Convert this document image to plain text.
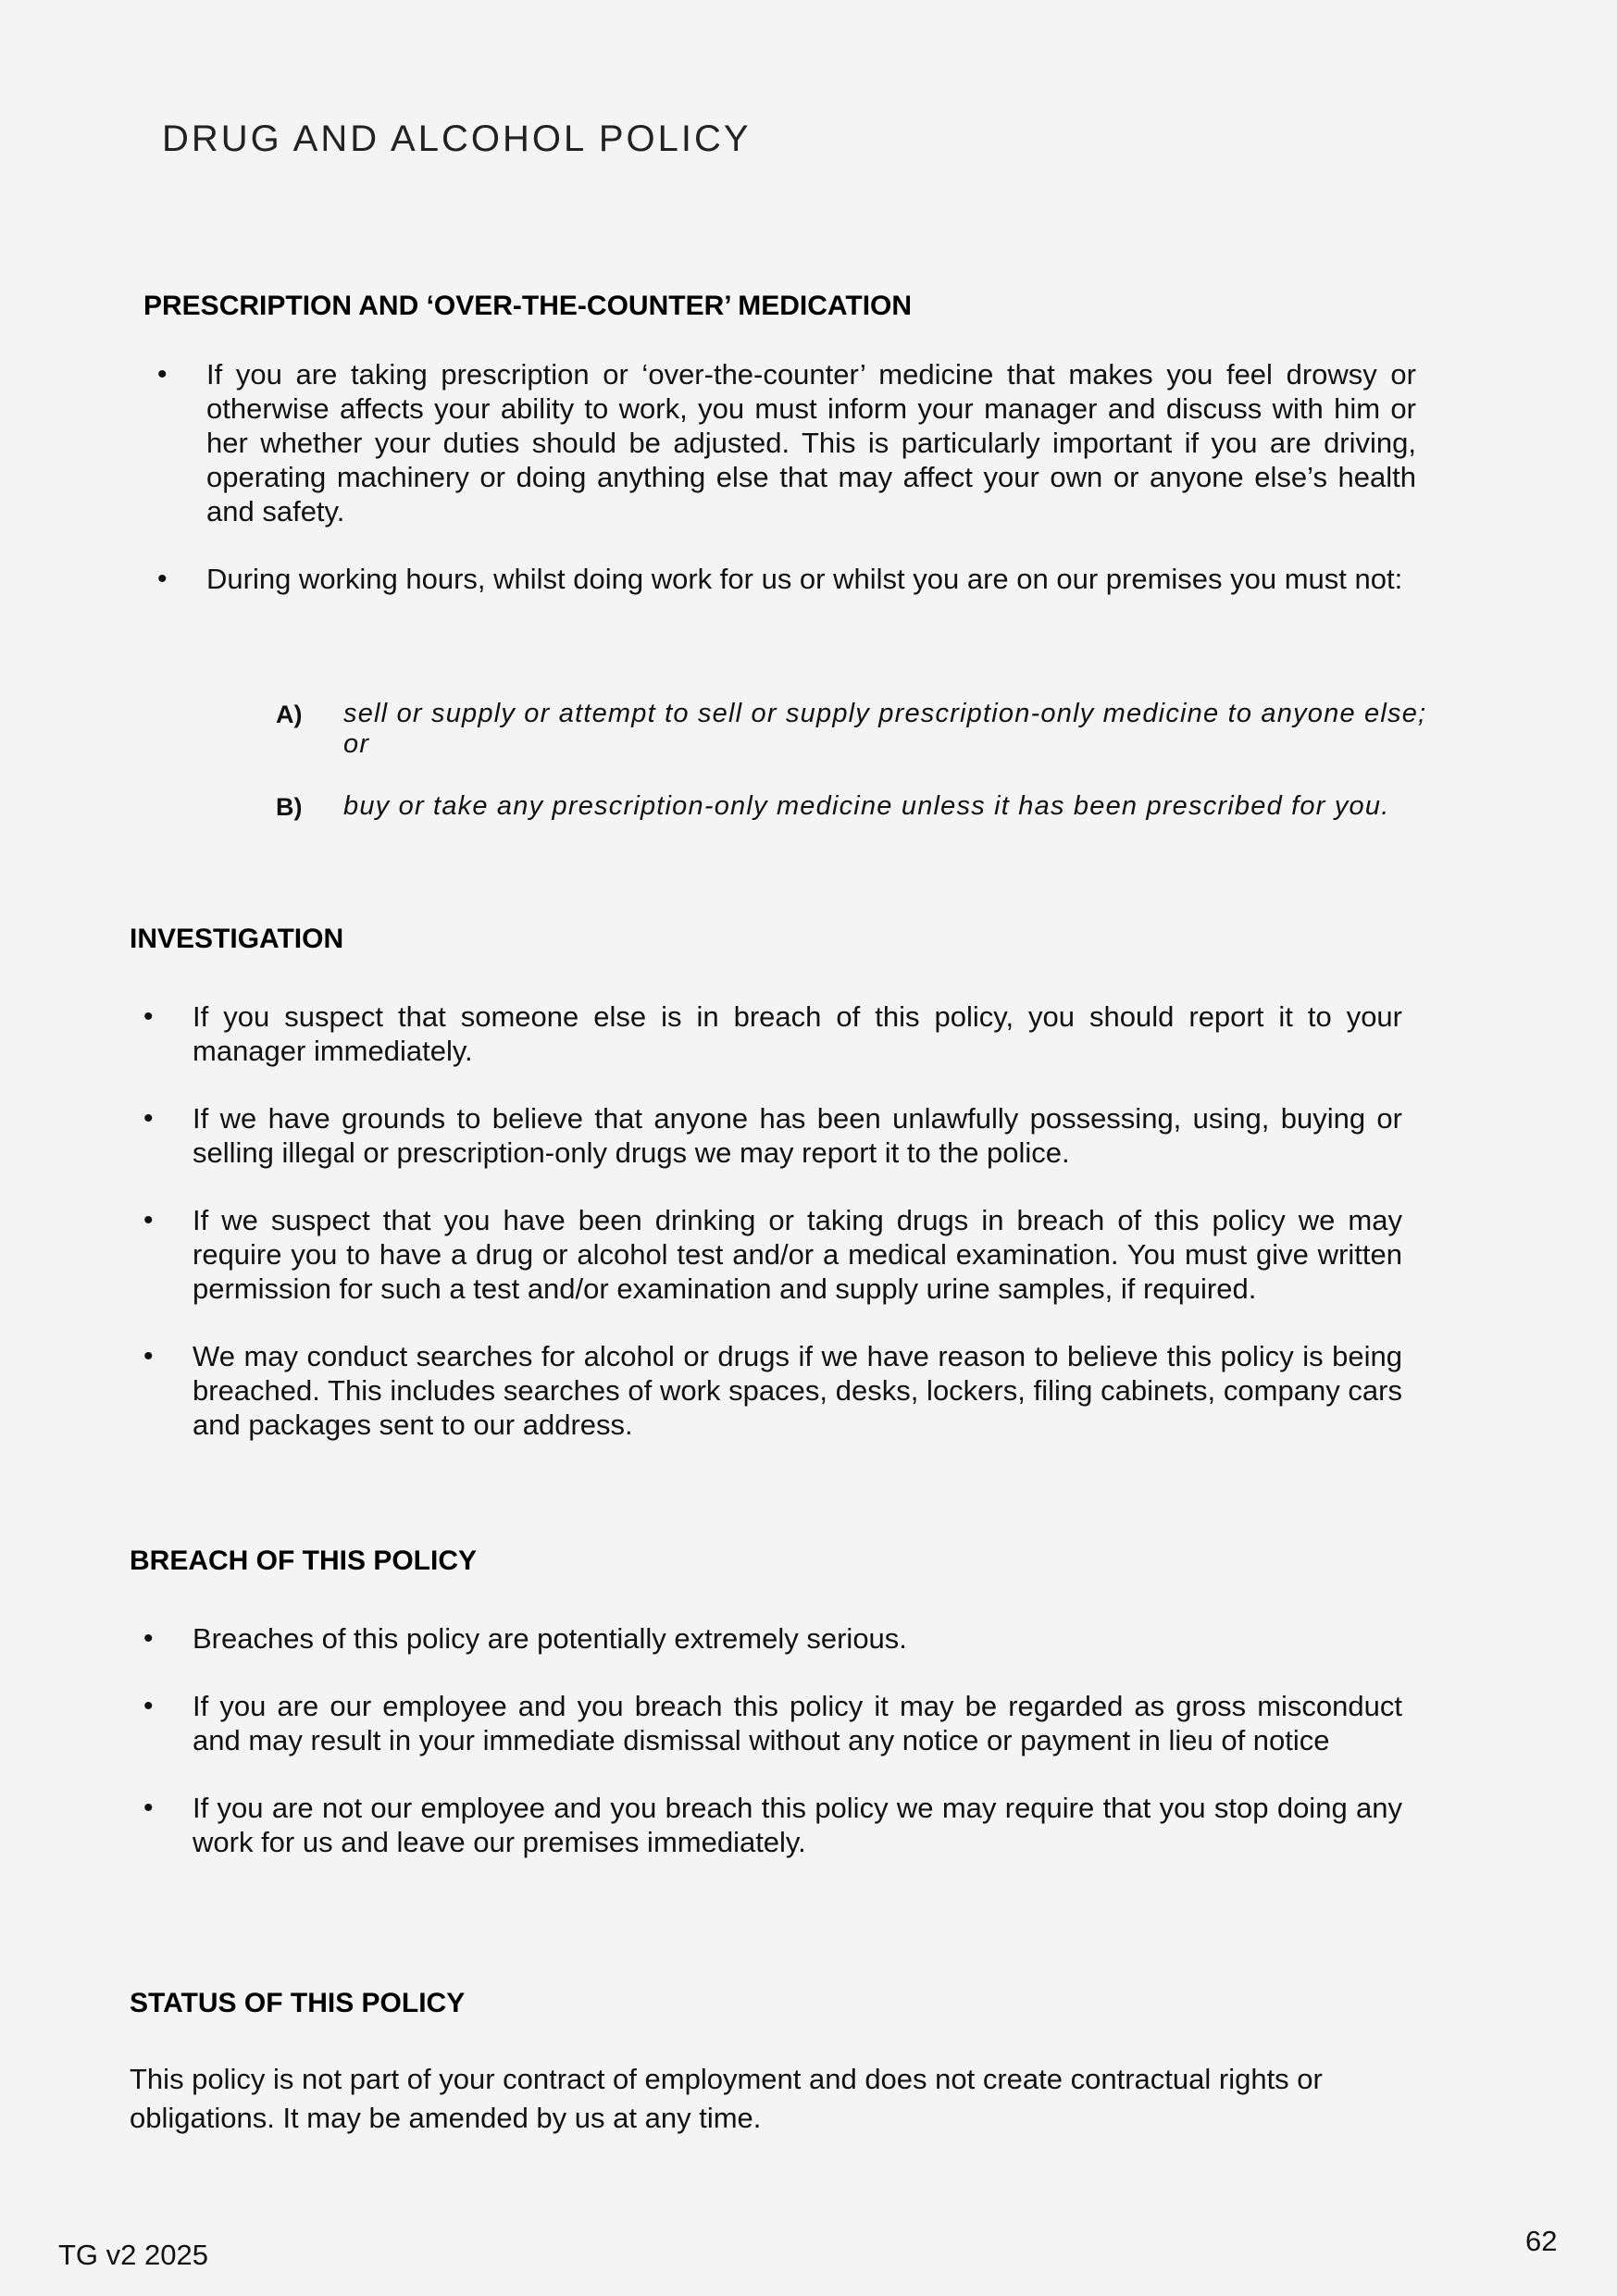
DRUG AND ALCOHOL POLICY
PRESCRIPTION AND ‘OVER-THE-COUNTER’ MEDICATION
• If you are taking prescription or ‘over-the-counter’ medicine that makes you feel drowsy or otherwise affects your ability to work, you must inform your manager and discuss with him or her whether your duties should be adjusted. This is particularly important if you are driving, operating machinery or doing anything else that may affect your own or anyone else’s health and safety.
• During working hours, whilst doing work for us or whilst you are on our premises you must not:
A) sell or supply or attempt to sell or supply prescription-only medicine to anyone else; or
B) buy or take any prescription-only medicine unless it has been prescribed for you.
INVESTIGATION
• If you suspect that someone else is in breach of this policy, you should report it to your manager immediately.
• If we have grounds to believe that anyone has been unlawfully possessing, using, buying or selling illegal or prescription-only drugs we may report it to the police.
• If we suspect that you have been drinking or taking drugs in breach of this policy we may require you to have a drug or alcohol test and/or a medical examination. You must give written permission for such a test and/or examination and supply urine samples, if required.
• We may conduct searches for alcohol or drugs if we have reason to believe this policy is being breached. This includes searches of work spaces, desks, lockers, filing cabinets, company cars and packages sent to our address.
BREACH OF THIS POLICY
• Breaches of this policy are potentially extremely serious.
• If you are our employee and you breach this policy it may be regarded as gross misconduct and may result in your immediate dismissal without any notice or payment in lieu of notice
• If you are not our employee and you breach this policy we may require that you stop doing any work for us and leave our premises immediately.
STATUS OF THIS POLICY

This policy is not part of your contract of employment and does not create contractual rights or obligations. It may be amended by us at any time.

TG v2 2025	62
